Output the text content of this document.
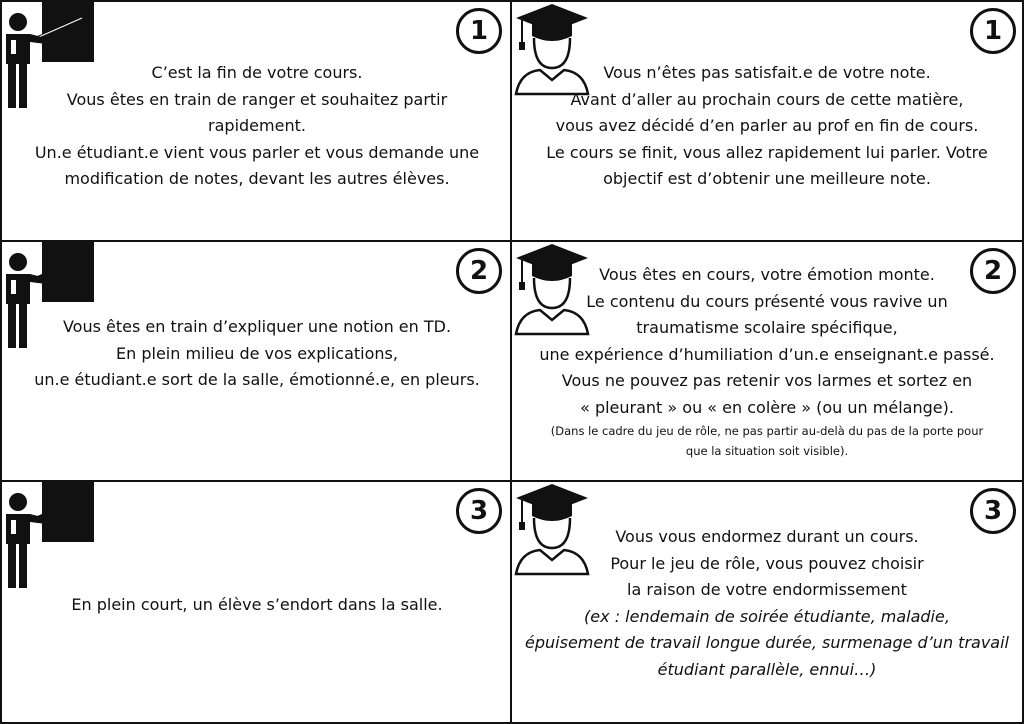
1

C’est la fin de votre cours.

Vous êtes en train de ranger et souhaitez partir

rapidement.

Un.e étudiant.e vient vous parler et vous demande une

modification de notes, devant les autres élèves.

1

Vous n’êtes pas satisfait.e de votre note.

Avant d’aller au prochain cours de cette matière,

vous avez décidé d’en parler au prof en fin de cours.

Le cours se finit, vous allez rapidement lui parler. Votre

objectif est d’obtenir une meilleure note.

2

Vous êtes en train d’expliquer une notion en TD.

En plein milieu de vos explications,

un.e étudiant.e sort de la salle, émotionné.e, en pleurs.

2

Vous êtes en cours, votre émotion monte.

Le contenu du cours présenté vous ravive un

traumatisme scolaire spécifique,

une expérience d’humiliation d’un.e enseignant.e passé.

Vous ne pouvez pas retenir vos larmes et sortez en

« pleurant » ou « en colère » (ou un mélange).

(Dans le cadre du jeu de rôle, ne pas partir au-delà du pas de la porte pour

que la situation soit visible).

3

En plein court, un élève s’endort dans la salle.

3

Vous vous endormez durant un cours.

Pour le jeu de rôle, vous pouvez choisir

la raison de votre endormissement

(ex : lendemain de soirée étudiante, maladie,

épuisement de travail longue durée, surmenage d’un travail

étudiant parallèle, ennui…)
